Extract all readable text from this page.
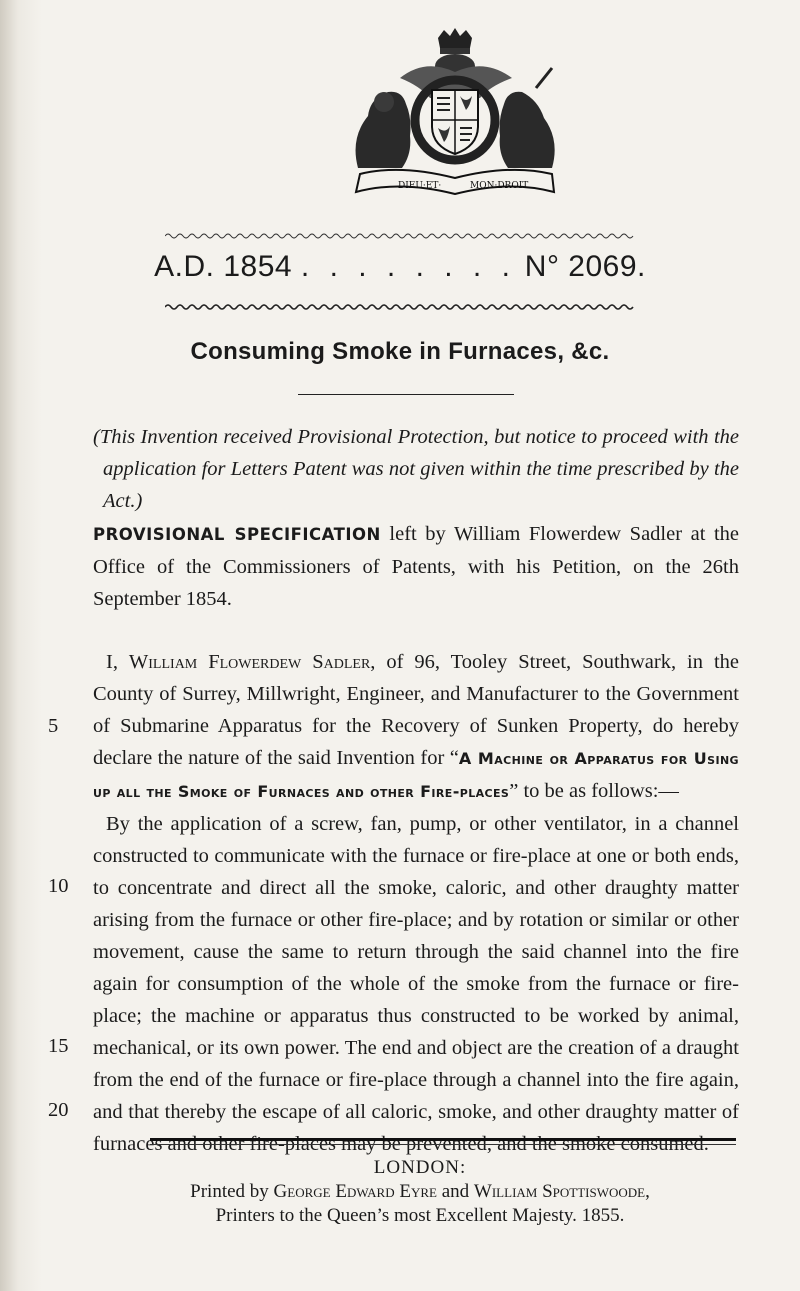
DIEU·ET·	MON·DROIT
A.D. 1854 . . . . . . . . N° 2069.
Consuming Smoke in Furnaces, &c.
(This Invention received Provisional Protection, but notice to proceed with the application for Letters Patent was not given within the time prescribed by the Act.)
PROVISIONAL SPECIFICATION left by William Flowerdew Sadler at the Office of the Commissioners of Patents, with his Petition, on the 26th September 1854.

I, William Flowerdew Sadler, of 96, Tooley Street, Southwark, in the County of Surrey, Millwright, Engineer, and Manufacturer to the Government of Submarine Apparatus for the Recovery of Sunken Property, do hereby declare the nature of the said Invention for “A Machine or Apparatus for Using up all the Smoke of Furnaces and other Fire-places” to be as follows:—

By the application of a screw, fan, pump, or other ventilator, in a channel constructed to communicate with the furnace or fire-place at one or both ends, to concentrate and direct all the smoke, caloric, and other draughty matter arising from the furnace or other fire-place; and by rotation or similar or other movement, cause the same to return through the said channel into the fire again for consumption of the whole of the smoke from the furnace or fire-place; the machine or apparatus thus constructed to be worked by animal, mechanical, or its own power. The end and object are the creation of a draught from the end of the furnace or fire-place through a channel into the fire again, and that thereby the escape of all caloric, smoke, and other draughty matter of furnaces and other fire-places may be prevented, and the smoke consumed.

5
10
15
LONDON:
Printed by George Edward Eyre and William Spottiswoode,
Printers to the Queen’s most Excellent Majesty. 1855.
20
